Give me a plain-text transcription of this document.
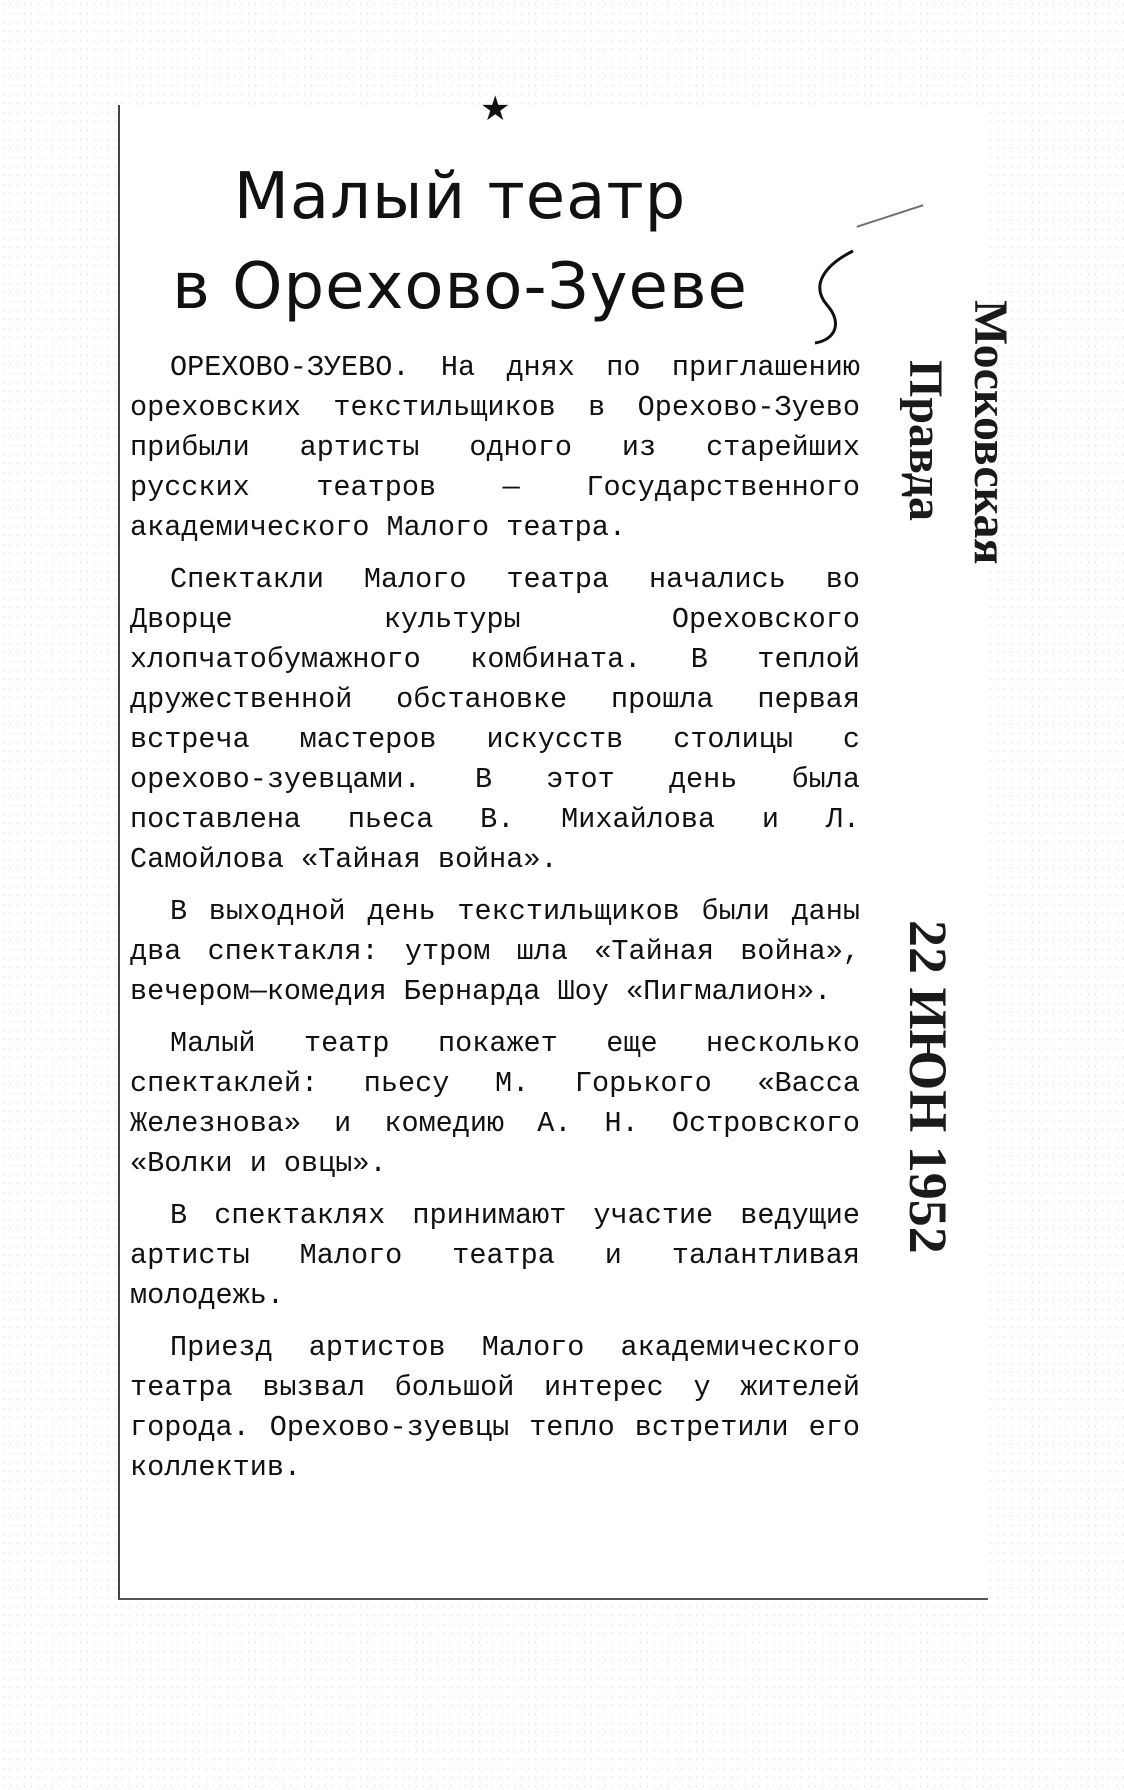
★
Малый театр
в Орехово-Зуеве

ОРЕХОВО-ЗУЕВО. На днях по приглашению ореховских текстильщиков в Орехово-Зуево прибыли артисты одного из старейших русских театров — Государственного академического Малого театра.

Спектакли Малого театра начались во Дворце культуры Ореховского хлопчатобумажного комбината. В теплой дружественной обстановке прошла первая встреча мастеров искусств столицы с орехово-зуевцами. В этот день была поставлена пьеса В. Михайлова и Л. Самойлова «Тайная война».

В выходной день текстильщиков были даны два спектакля: утром шла «Тайная война», вечером—комедия Бернарда Шоу «Пигмалион».

Малый театр покажет еще несколько спектаклей: пьесу М. Горького «Васса Железнова» и комедию А. Н. Островского «Волки и овцы».

В спектаклях принимают участие ведущие артисты Малого театра и талантливая молодежь.

Приезд артистов Малого академического театра вызвал большой интерес у жителей города. Орехово-зуевцы тепло встретили его коллектив.

Московская
Правда
22 ИЮН 1952
